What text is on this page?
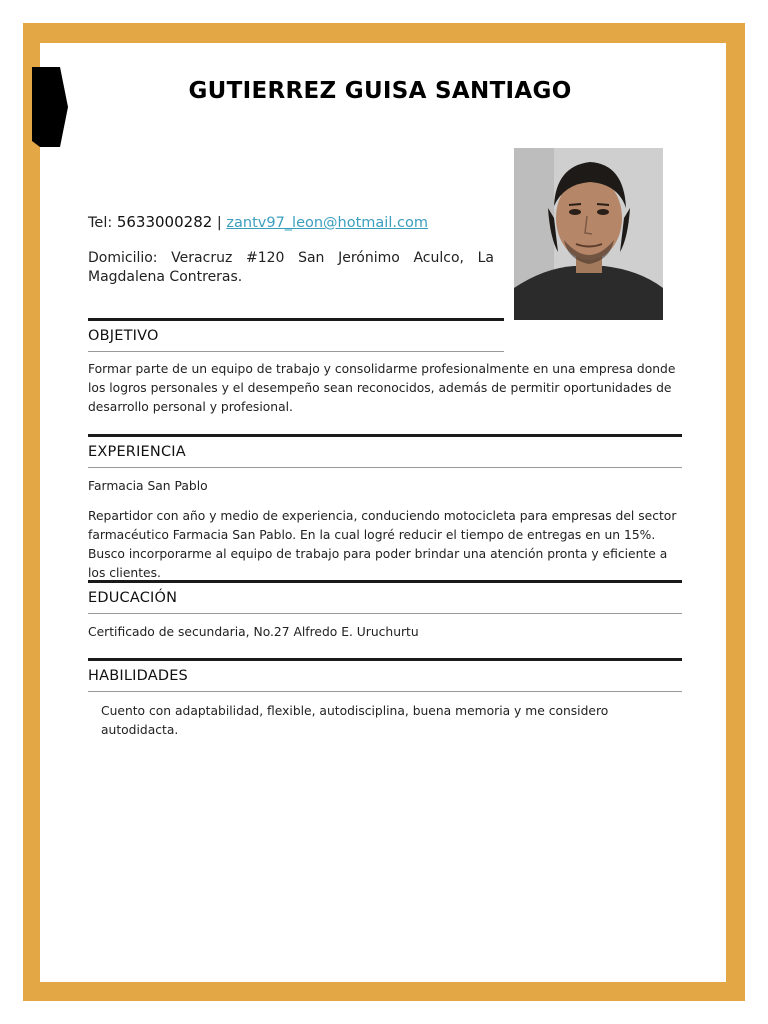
GUTIERREZ GUISA SANTIAGO
Tel: 5633000282 | zantv97_leon@hotmail.com
Domicilio: Veracruz #120 San Jerónimo Aculco, La Magdalena Contreras.
OBJETIVO
Formar parte de un equipo de trabajo y consolidarme profesionalmente en una empresa donde los logros personales y el desempeño sean reconocidos, además de permitir oportunidades de desarrollo personal y profesional.
EXPERIENCIA
Farmacia San Pablo
Repartidor con año y medio de experiencia, conduciendo motocicleta para empresas del sector farmacéutico Farmacia San Pablo. En la cual logré reducir el tiempo de entregas en un 15%. Busco incorporarme al equipo de trabajo para poder brindar una atención pronta y eficiente a los clientes.
EDUCACIÓN
Certificado de secundaria, No.27 Alfredo E. Uruchurtu
HABILIDADES
Cuento con adaptabilidad, flexible, autodisciplina, buena memoria y me considero autodidacta.
